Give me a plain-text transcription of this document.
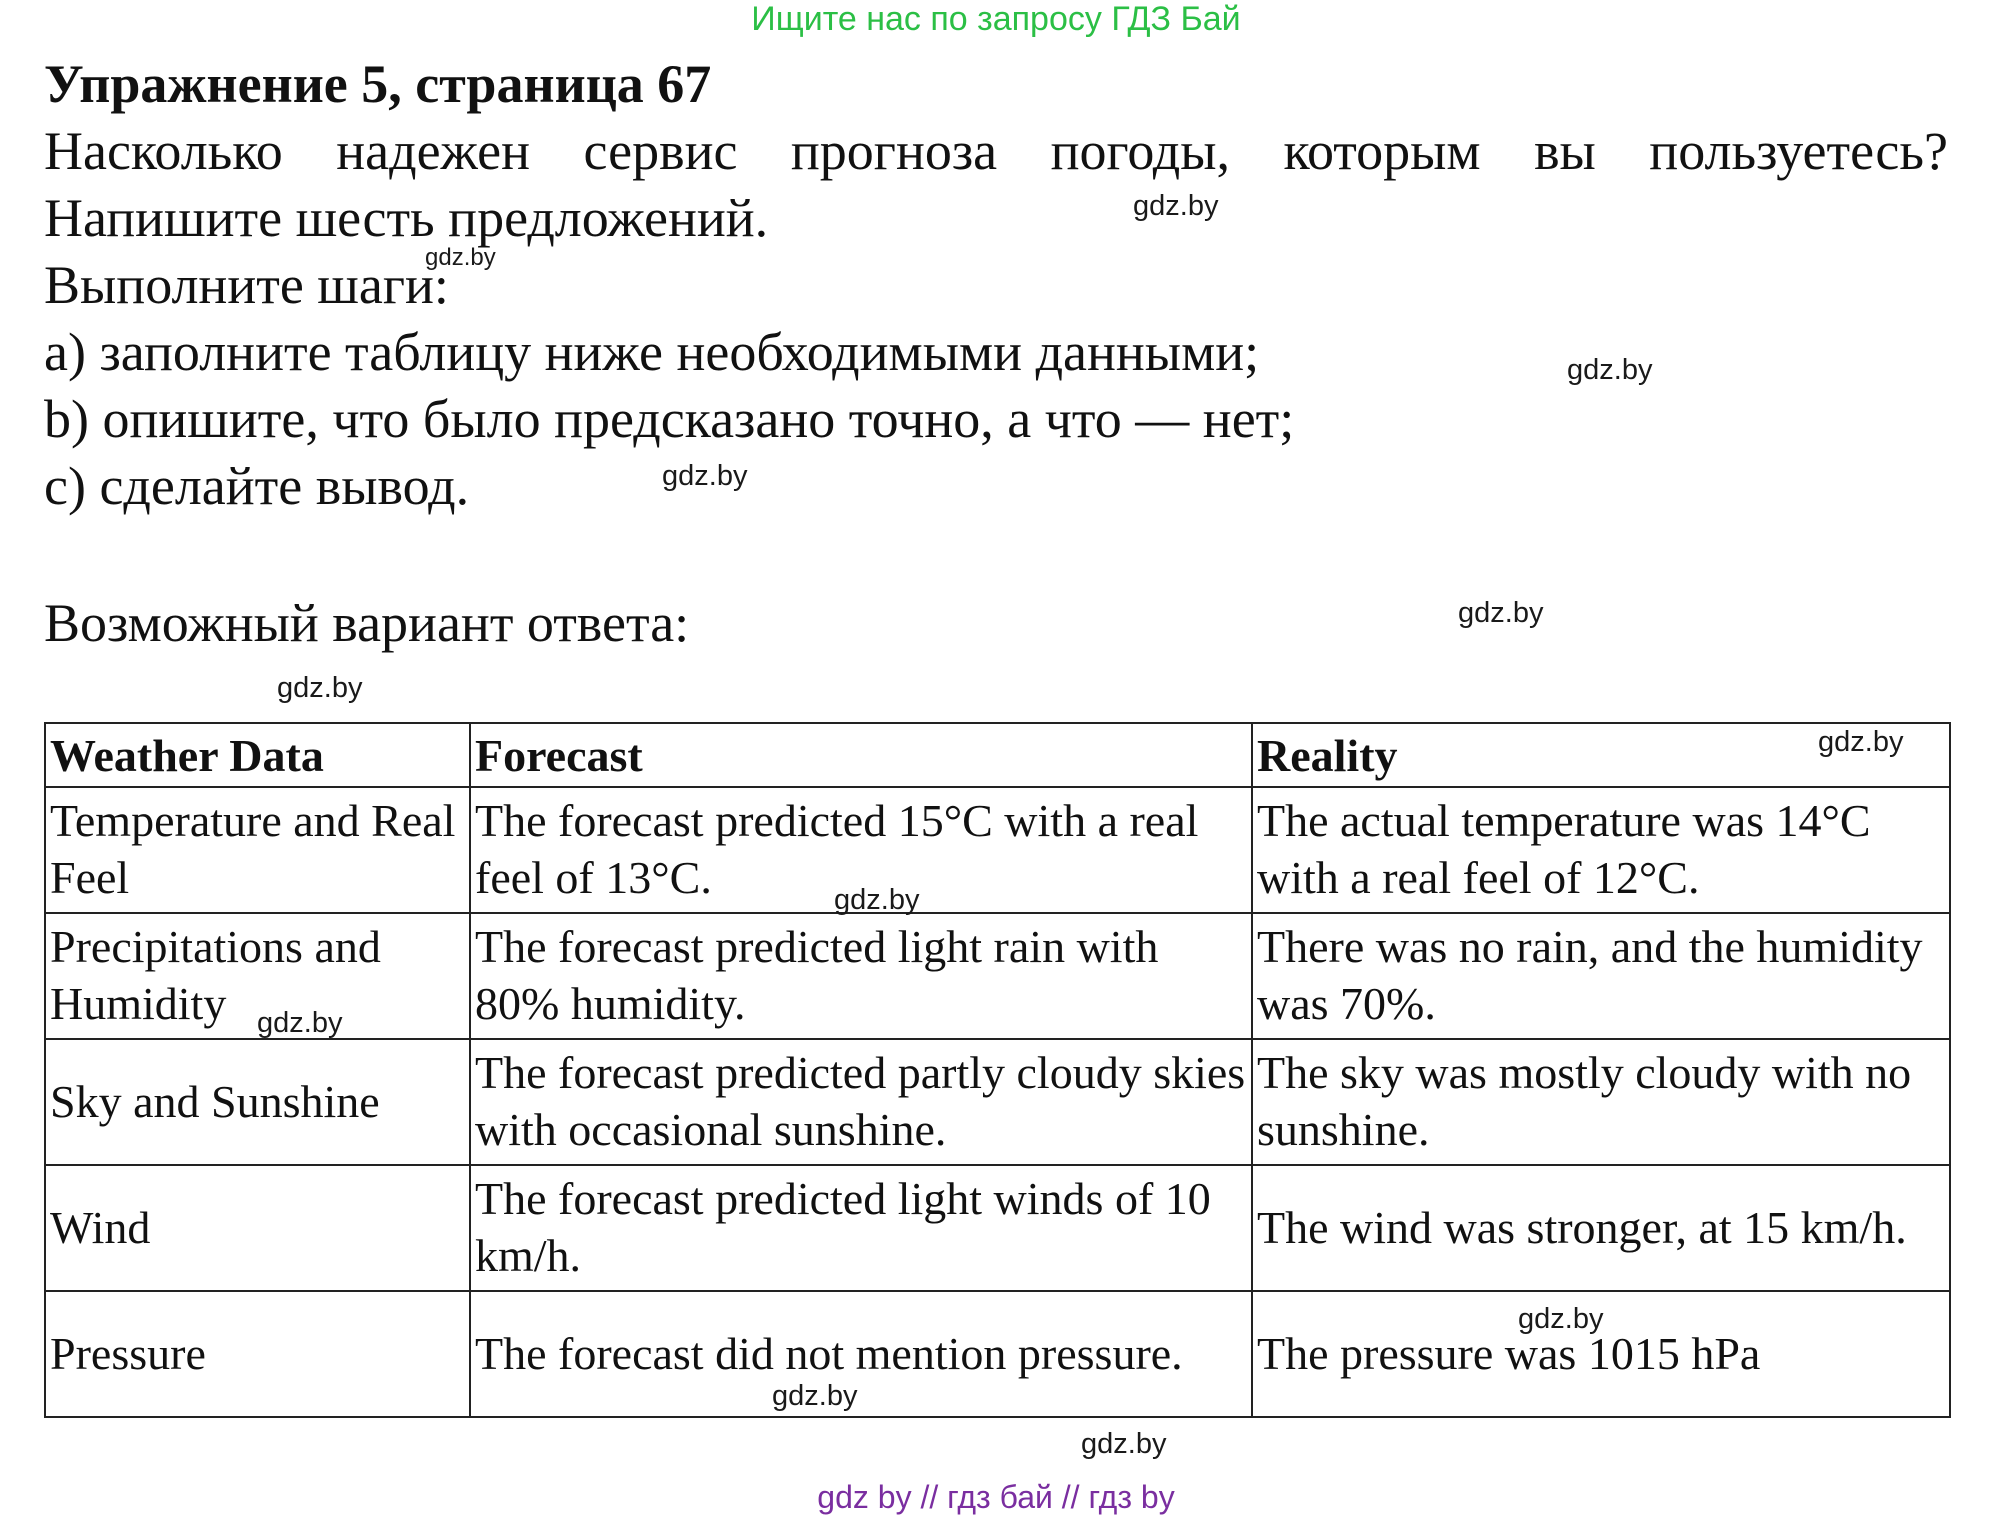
Ищите нас по запросу ГДЗ Бай
Упражнение 5, страница 67
Насколько надежен сервис прогноза погоды, которым вы пользуетесь?
Напишите шесть предложений.
Выполните шаги:
a) заполните таблицу ниже необходимыми данными;
b) опишите, что было предсказано точно, а что — нет;
c) сделайте вывод.
Возможный вариант ответа:
Weather Data	Forecast	Reality
Temperature and Real Feel	The forecast predicted 15°C with a real feel of 13°C.	The actual temperature was 14°C with a real feel of 12°C.
Precipitations and Humidity	The forecast predicted light rain with 80% humidity.	There was no rain, and the humidity was 70%.
Sky and Sunshine	The forecast predicted partly cloudy skies with occasional sunshine.	The sky was mostly cloudy with no sunshine.
Wind	The forecast predicted light winds of 10 km/h.	The wind was stronger, at 15 km/h.
Pressure	The forecast did not mention pressure.	The pressure was 1015 hPa
gdz.by
gdz.by
gdz.by
gdz.by
gdz.by
gdz.by
gdz.by
gdz.by
gdz.by
gdz.by
gdz.by
gdz.by
gdz by // гдз бай // гдз by
